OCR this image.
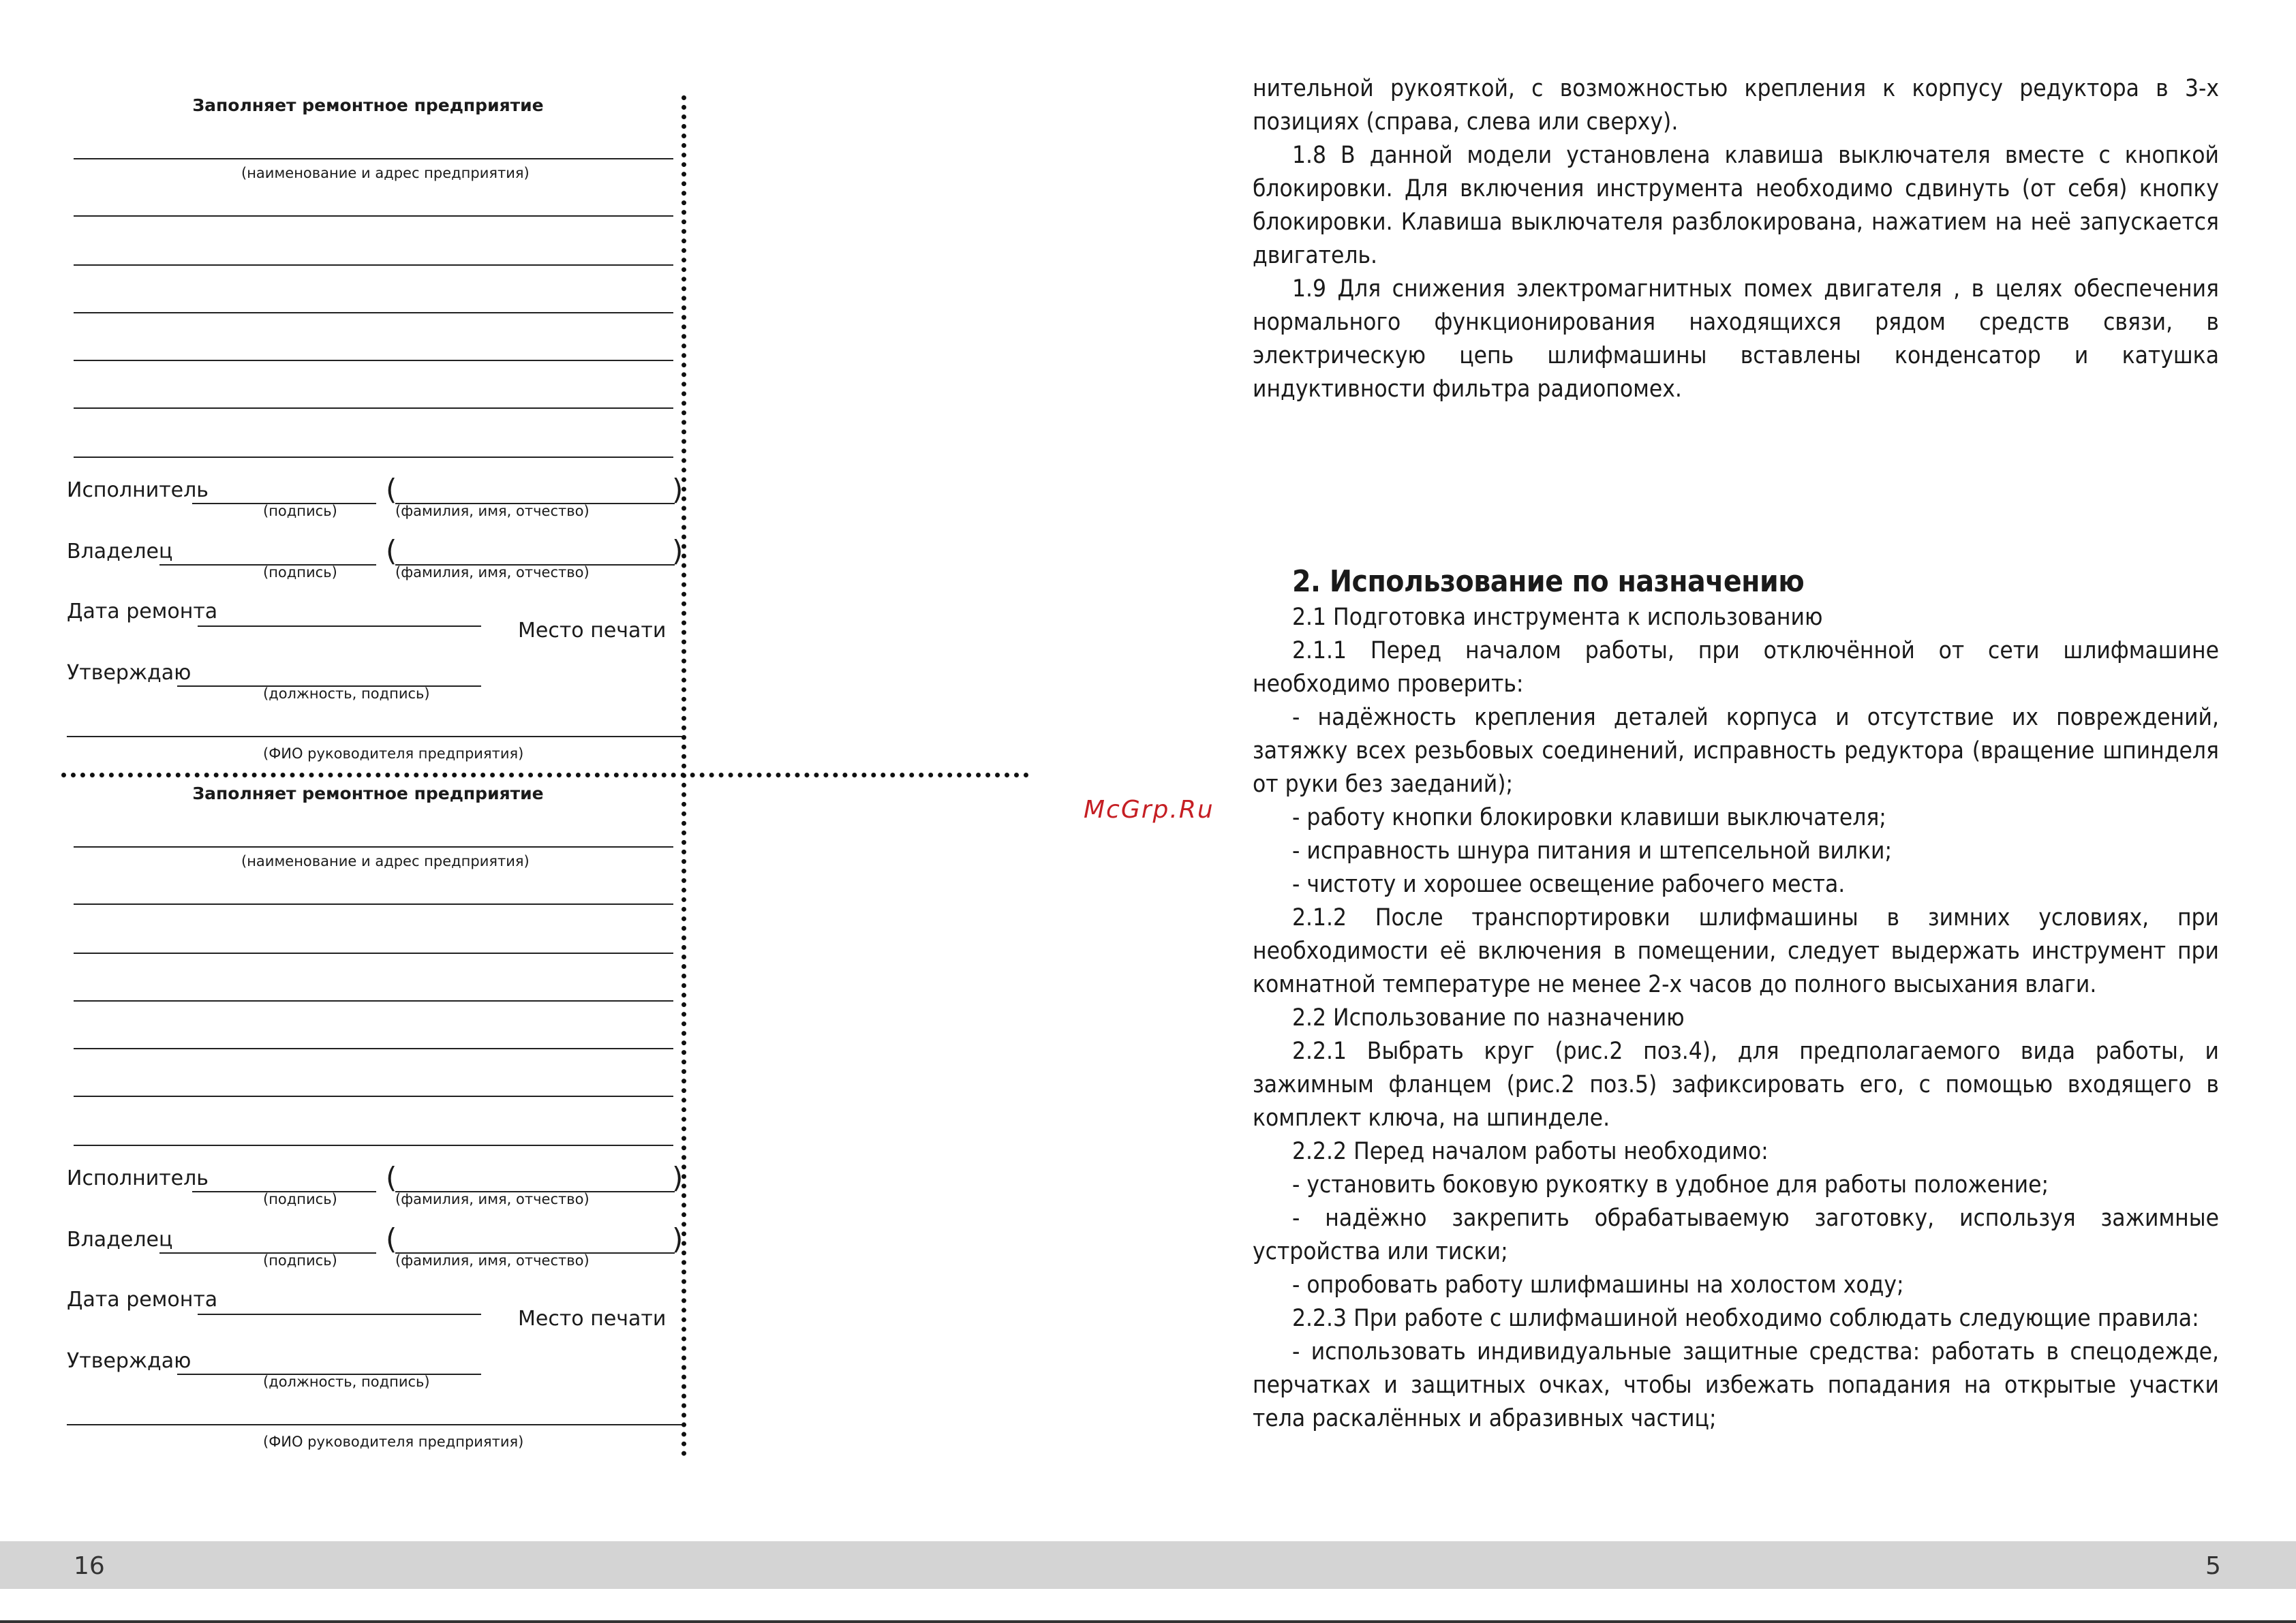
Заполняет ремонтное предприятие
(наименование и адрес предприятия)
Исполнитель	(	)
(подпись)	(фамилия, имя, отчество)
Владелец	(	)
(подпись)	(фамилия, имя, отчество)
Дата ремонта
Место печати
Утверждаю
(должность, подпись)
(ФИО руководителя предприятия)
Заполняет ремонтное предприятие
(наименование и адрес предприятия)
Исполнитель	(	)
(подпись)	(фамилия, имя, отчество)
Владелец	(	)
(подпись)	(фамилия, имя, отчество)
Дата ремонта
Место печати
Утверждаю
(должность, подпись)
(ФИО руководителя предприятия)
McGrp.Ru

нительной рукояткой, с возможностью крепления к корпусу редуктора в 3-х позициях (справа, слева или сверху).

1.8 В данной модели установлена клавиша выключателя вместе с кнопкой блокировки. Для включения инструмента необходимо сдвинуть (от себя) кнопку блокировки. Клавиша выключателя разблокирована, нажатием на неё запускается двигатель.

1.9 Для снижения электромагнитных помех двигателя , в целях обеспечения нормального функционирования находящихся рядом средств связи, в электрическую цепь шлифмашины вставлены конденсатор и катушка индуктивности фильтра радиопомех.

2. Использование по назначению

2.1 Подготовка инструмента к использованию

2.1.1 Перед началом работы, при отключённой от сети шлифмашине необходимо проверить:

- надёжность крепления деталей корпуса и отсутствие их повреждений, затяжку всех резьбовых соединений, исправность редуктора (вращение шпинделя от руки без заеданий);

- работу кнопки блокировки клавиши выключателя;

- исправность шнура питания и штепсельной вилки;

- чистоту и хорошее освещение рабочего места.

2.1.2 После транспортировки шлифмашины в зимних условиях, при необходимости её включения в помещении, следует выдержать инструмент при комнатной температуре не менее 2-х часов до полного высыхания влаги.

2.2 Использование по назначению

2.2.1 Выбрать круг (рис.2 поз.4), для предполагаемого вида работы, и зажимным фланцем (рис.2 поз.5) зафиксировать его, с помощью входящего в комплект ключа, на шпинделе.

2.2.2 Перед началом работы необходимо:

- установить боковую рукоятку в удобное для работы положение;

- надёжно закрепить обрабатываемую заготовку, используя зажимные устройства или тиски;

- опробовать работу шлифмашины на холостом ходу;

2.2.3 При работе с шлифмашиной необходимо соблюдать следующие правила:

- использовать индивидуальные защитные средства: работать в спецодежде, перчатках и защитных очках, чтобы избежать попадания на открытые участки тела раскалённых и абразивных частиц;

16	5
